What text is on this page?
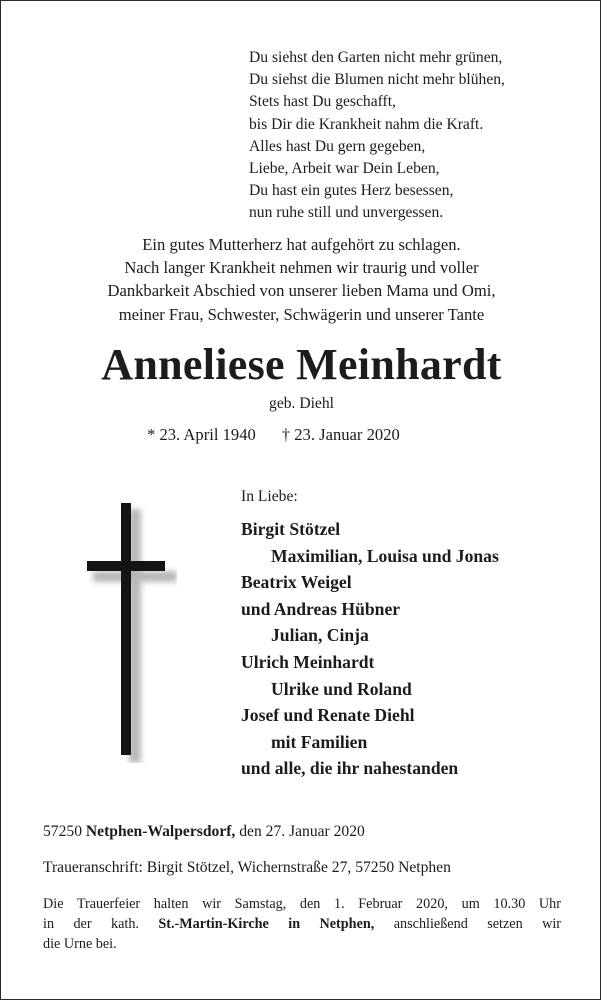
Du siehst den Garten nicht mehr grünen,
Du siehst die Blumen nicht mehr blühen,
Stets hast Du geschafft,
bis Dir die Krankheit nahm die Kraft.
Alles hast Du gern gegeben,
Liebe, Arbeit war Dein Leben,
Du hast ein gutes Herz besessen,
nun ruhe still und unvergessen.
Ein gutes Mutterherz hat aufgehört zu schlagen.
Nach langer Krankheit nehmen wir traurig und voller
Dankbarkeit Abschied von unserer lieben Mama und Omi,
meiner Frau, Schwester, Schwägerin und unserer Tante
Anneliese Meinhardt
geb. Diehl
* 23. April 1940 † 23. Januar 2020
In Liebe:
Birgit Stötzel
Maximilian, Louisa und Jonas
Beatrix Weigel
und Andreas Hübner
Julian, Cinja
Ulrich Meinhardt
Ulrike und Roland
Josef und Renate Diehl
mit Familien
und alle, die ihr nahestanden
57250 Netphen-Walpersdorf, den 27. Januar 2020
Traueranschrift: Birgit Stötzel, Wichernstraße 27, 57250 Netphen
Die Trauerfeier halten wir Samstag, den 1. Februar 2020, um 10.30 Uhr
in der kath. St.-Martin-Kirche in Netphen, anschließend setzen wir
die Urne bei.
